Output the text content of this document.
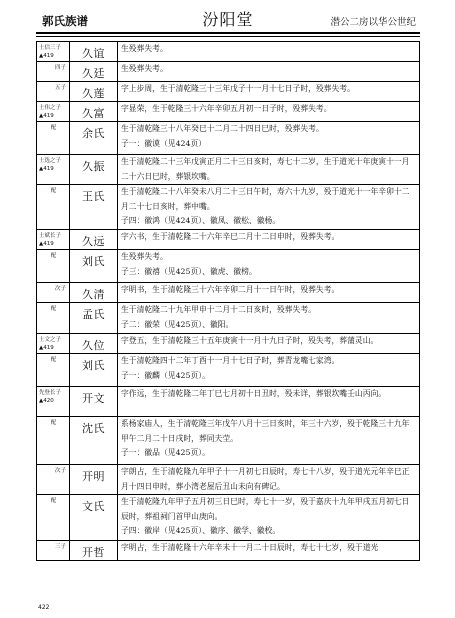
郭氏族谱	汾阳堂	潜公二房以华公世纪
士信三子
▲419	久谊	生殁葬失考。

四子	久廷	生殁葬失考。

五子	久莲	字上步周，生于清乾隆三十三年戊子十一月十七日子时，殁葬失考。

士伟之子
▲419	久富	字显荣，生于乾隆三十六年辛卯五月初一日子时，殁葬失考。

配	余氏	生于清乾隆三十八年癸巳十二月二十四日巳时，殁葬失考。
子一：徽谟（见424页）

士选之子
▲419	久振	生于清乾隆二十三年戊寅正月二十三日亥时，寿七十二岁，生于道光十年庚寅十一月二十六日巳时，葬银坎嘴。

配	王氏	生于清乾隆二十八年癸未八月二十三日午时，寿六十九岁，殁于道光十一年辛卯十二月二十七日亥时，葬中嘴。
子四：徽鸿（见424页）、徽凤、徽松、徽杨。

士斌长子
▲419	久远	字六书，生于清乾隆二十六年辛巳二月十二日申时，殁葬失考。

配	刘氏	生殁葬失考。
子三：徽禧（见425页）、徽虎、徽榜。

次子	久清	字明书，生于清乾隆三十六年辛卯二月十一日午时，殁葬失考。

配	孟氏	生于清乾隆二十九年甲申十二月十二日亥时，殁葬失考。
子二：徽荣（见425页）、徽阳。

士文之子
▲419	久位	字登五，生于清乾隆三十五年庚寅十一月十九日子时，殁失考，葬蒲灵山。

配	刘氏	生于清乾隆四十二年丁酉十一月十七日子时，葬青龙嘴七家湾。
子一：徽麟（见425页）。

先登长子
▲420	开文	字作远，生于清乾隆二年丁巳七月初十日丑时，殁未详，葬银坎嘴壬山丙向。

配	沈氏	系杨家庙人，生于清乾隆三年戊午八月十三日亥时，年三十六岁，殁于乾隆三十九年甲午二月二十日戌时，葬同夫茔。
子一：徽品（见425页）。

次子	开明	字朗占，生于清乾隆九年甲子十一月初七日辰时，寿七十八岁，殁于道光元年辛巳正月十四日申时，葬小湾老屋后丑山未向有碑记。

配	文氏	生于清乾隆九年甲子五月初三日巳时，寿七十一岁，殁于嘉庆十九年甲戌五月初七日辰时，葬祖祠门首甲山庚向。
子四：徽岸（见425页）、徽序、徽学、徽校。

三子	开哲	字明占，生于清乾隆十六年辛未十一月二十日辰时，寿七十七岁，殁于道光
422
